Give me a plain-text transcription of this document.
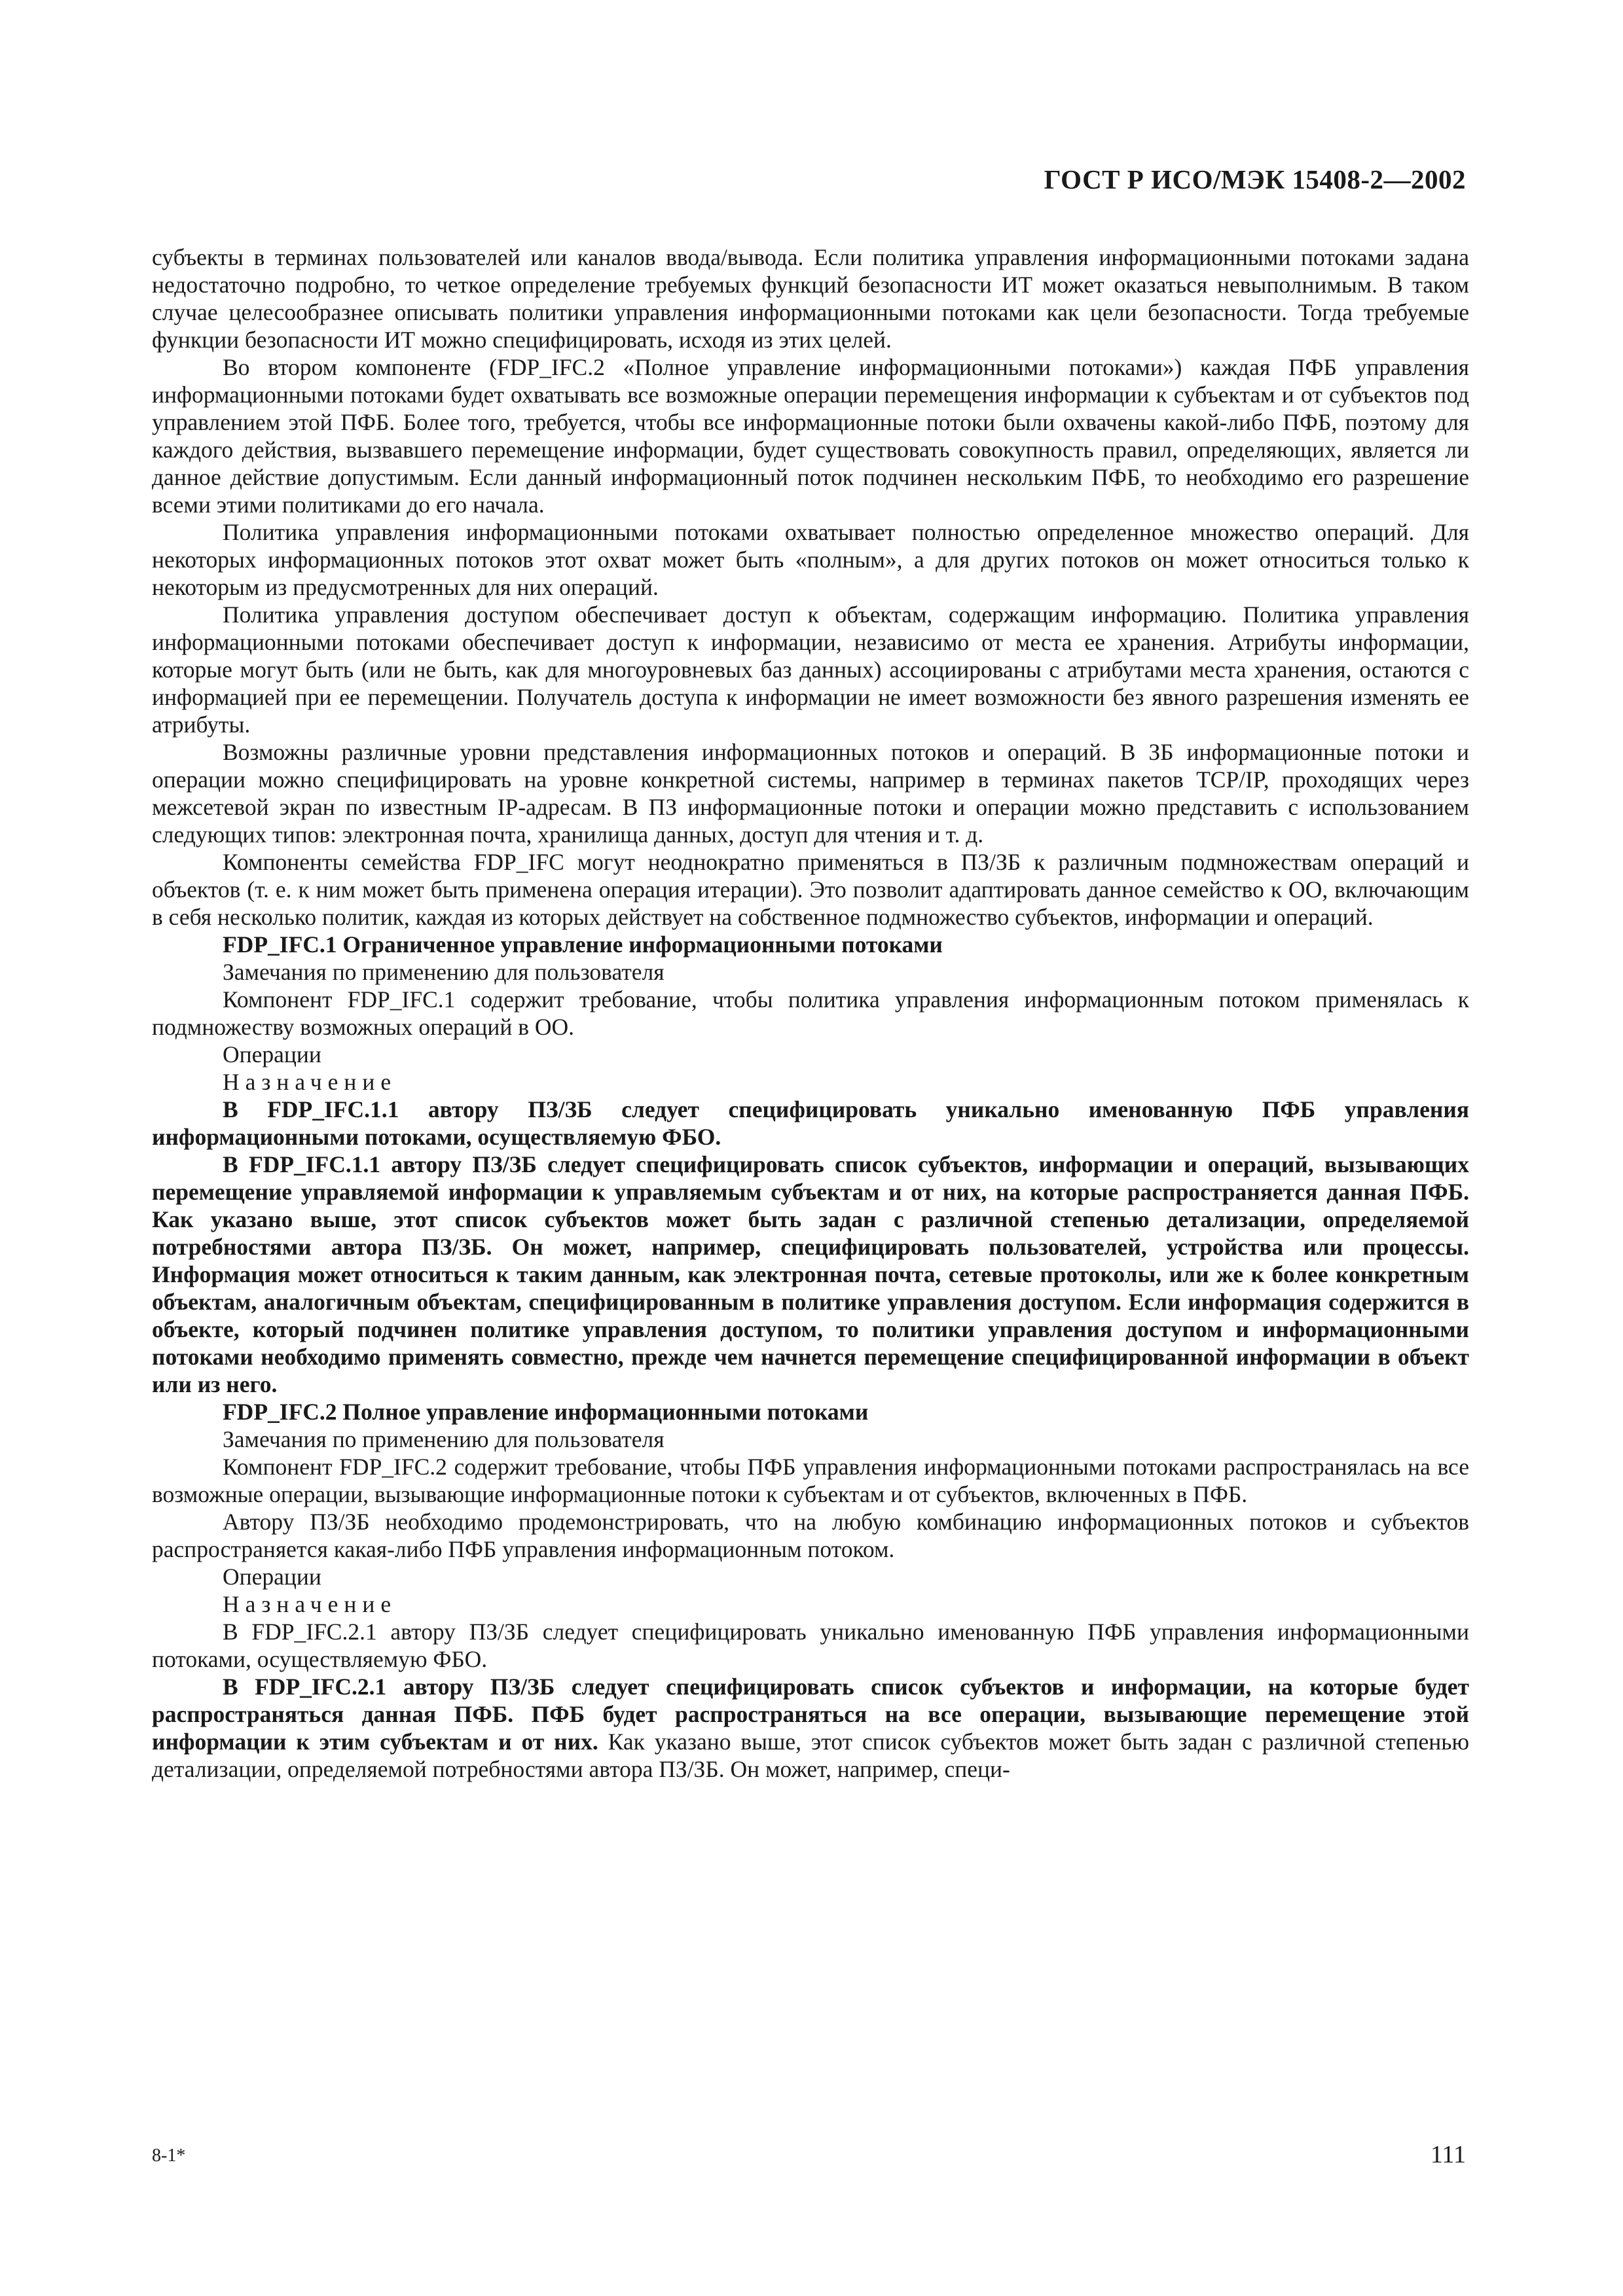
ГОСТ Р ИСО/МЭК 15408-2—2002

субъекты в терминах пользователей или каналов ввода/вывода. Если политика управления информационными потоками задана недостаточно подробно, то четкое определение требуемых функций безопасности ИТ может оказаться невыполнимым. В таком случае целесообразнее описывать политики управления информационными потоками как цели безопасности. Тогда требуемые функции безопасности ИТ можно специфицировать, исходя из этих целей.

Во втором компоненте (FDP_IFC.2 «Полное управление информационными потоками») каждая ПФБ управления информационными потоками будет охватывать все возможные операции перемещения информации к субъектам и от субъектов под управлением этой ПФБ. Более того, требуется, чтобы все информационные потоки были охвачены какой-либо ПФБ, поэтому для каждого действия, вызвавшего перемещение информации, будет существовать совокупность правил, определяющих, является ли данное действие допустимым. Если данный информационный поток подчинен нескольким ПФБ, то необходимо его разрешение всеми этими политиками до его начала.

Политика управления информационными потоками охватывает полностью определенное множество операций. Для некоторых информационных потоков этот охват может быть «полным», а для других потоков он может относиться только к некоторым из предусмотренных для них операций.

Политика управления доступом обеспечивает доступ к объектам, содержащим информацию. Политика управления информационными потоками обеспечивает доступ к информации, независимо от места ее хранения. Атрибуты информации, которые могут быть (или не быть, как для многоуровневых баз данных) ассоциированы с атрибутами места хранения, остаются с информацией при ее перемещении. Получатель доступа к информации не имеет возможности без явного разрешения изменять ее атрибуты.

Возможны различные уровни представления информационных потоков и операций. В ЗБ информационные потоки и операции можно специфицировать на уровне конкретной системы, например в терминах пакетов TCP/IP, проходящих через межсетевой экран по известным IP-адресам. В ПЗ информационные потоки и операции можно представить с использованием следующих типов: электронная почта, хранилища данных, доступ для чтения и т. д.

Компоненты семейства FDP_IFC могут неоднократно применяться в ПЗ/ЗБ к различным подмножествам операций и объектов (т. е. к ним может быть применена операция итерации). Это позволит адаптировать данное семейство к ОО, включающим в себя несколько политик, каждая из которых действует на собственное подмножество субъектов, информации и операций.

FDP_IFC.1 Ограниченное управление информационными потоками

Замечания по применению для пользователя

Компонент FDP_IFC.1 содержит требование, чтобы политика управления информационным потоком применялась к подмножеству возможных операций в ОО.

Операции

Назначение

В FDP_IFC.1.1 автору ПЗ/ЗБ следует специфицировать уникально именованную ПФБ управления информационными потоками, осуществляемую ФБО.

В FDP_IFC.1.1 автору ПЗ/ЗБ следует специфицировать список субъектов, информации и операций, вызывающих перемещение управляемой информации к управляемым субъектам и от них, на которые распространяется данная ПФБ. Как указано выше, этот список субъектов может быть задан с различной степенью детализации, определяемой потребностями автора ПЗ/ЗБ. Он может, например, специфицировать пользователей, устройства или процессы. Информация может относиться к таким данным, как электронная почта, сетевые протоколы, или же к более конкретным объектам, аналогичным объектам, специфицированным в политике управления доступом. Если информация содержится в объекте, который подчинен политике управления доступом, то политики управления доступом и информационными потоками необходимо применять совместно, прежде чем начнется перемещение специфицированной информации в объект или из него.

FDP_IFC.2 Полное управление информационными потоками

Замечания по применению для пользователя

Компонент FDP_IFC.2 содержит требование, чтобы ПФБ управления информационными потоками распространялась на все возможные операции, вызывающие информационные потоки к субъектам и от субъектов, включенных в ПФБ.

Автору ПЗ/ЗБ необходимо продемонстрировать, что на любую комбинацию информационных потоков и субъектов распространяется какая-либо ПФБ управления информационным потоком.

Операции

Назначение

В FDP_IFC.2.1 автору ПЗ/ЗБ следует специфицировать уникально именованную ПФБ управления информационными потоками, осуществляемую ФБО.

В FDP_IFC.2.1 автору ПЗ/ЗБ следует специфицировать список субъектов и информации, на которые будет распространяться данная ПФБ. ПФБ будет распространяться на все операции, вызывающие перемещение этой информации к этим субъектам и от них. Как указано выше, этот список субъектов может быть задан с различной степенью детализации, определяемой потребностями автора ПЗ/ЗБ. Он может, например, специ-

8-1*	111
